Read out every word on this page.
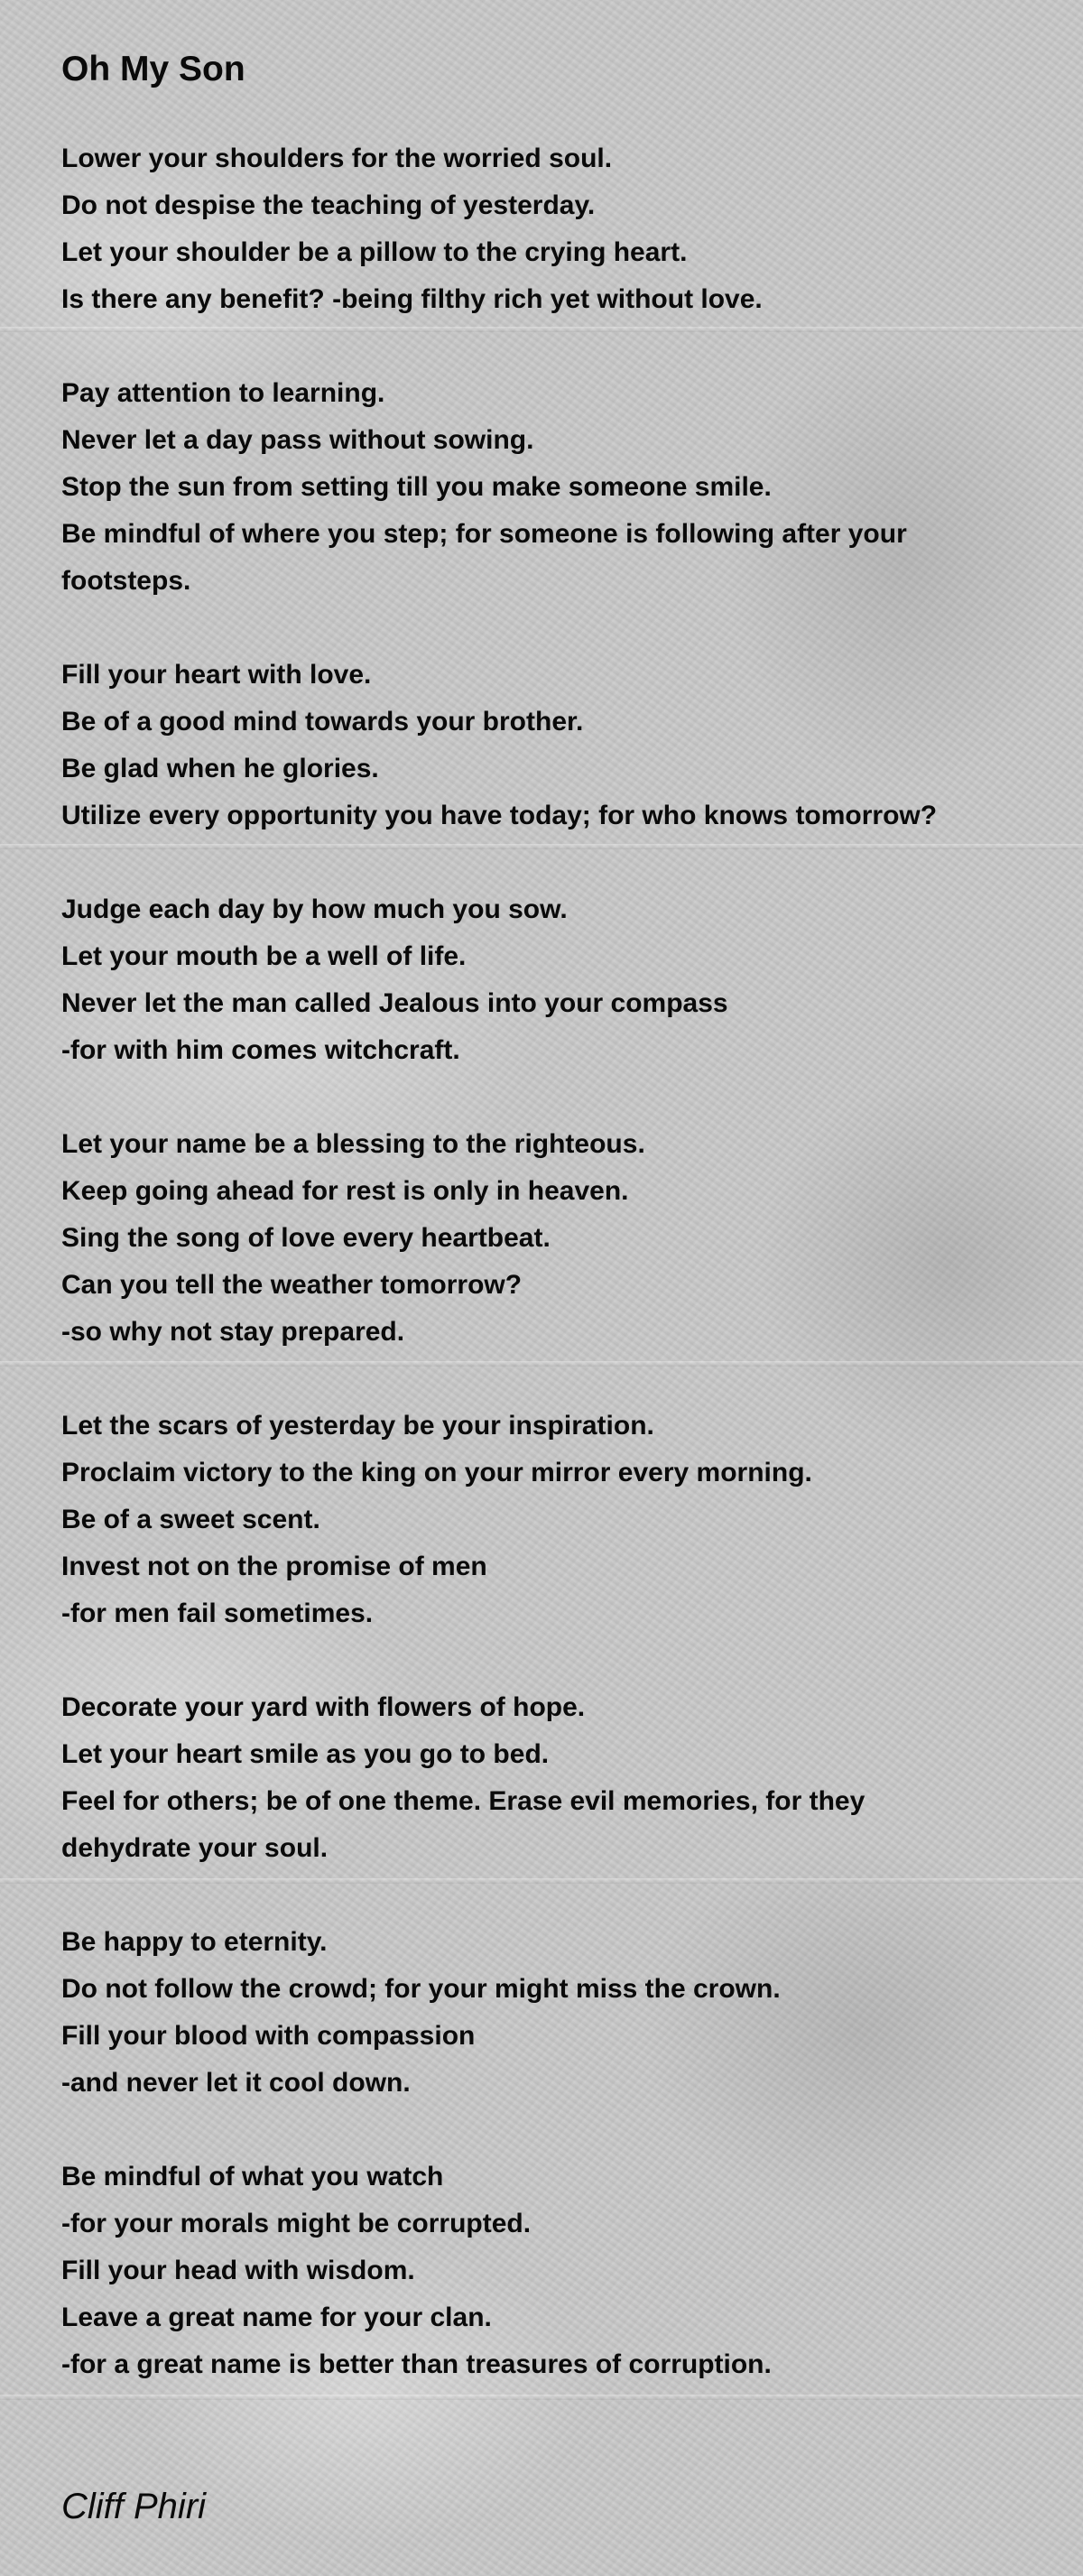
Oh My Son
Lower your shoulders for the worried soul.
Do not despise the teaching of yesterday.
Let your shoulder be a pillow to the crying heart.
Is there any benefit? -being filthy rich yet without love.
Pay attention to learning.
Never let a day pass without sowing.
Stop the sun from setting till you make someone smile.
Be mindful of where you step; for someone is following after your
footsteps.
Fill your heart with love.
Be of a good mind towards your brother.
Be glad when he glories.
Utilize every opportunity you have today; for who knows tomorrow?
Judge each day by how much you sow.
Let your mouth be a well of life.
Never let the man called Jealous into your compass
-for with him comes witchcraft.
Let your name be a blessing to the righteous.
Keep going ahead for rest is only in heaven.
Sing the song of love every heartbeat.
Can you tell the weather tomorrow?
-so why not stay prepared.
Let the scars of yesterday be your inspiration.
Proclaim victory to the king on your mirror every morning.
Be of a sweet scent.
Invest not on the promise of men
-for men fail sometimes.
Decorate your yard with flowers of hope.
Let your heart smile as you go to bed.
Feel for others; be of one theme. Erase evil memories, for they
dehydrate your soul.
Be happy to eternity.
Do not follow the crowd; for your might miss the crown.
Fill your blood with compassion
-and never let it cool down.
Be mindful of what you watch
-for your morals might be corrupted.
Fill your head with wisdom.
Leave a great name for your clan.
-for a great name is better than treasures of corruption.

Cliff Phiri
